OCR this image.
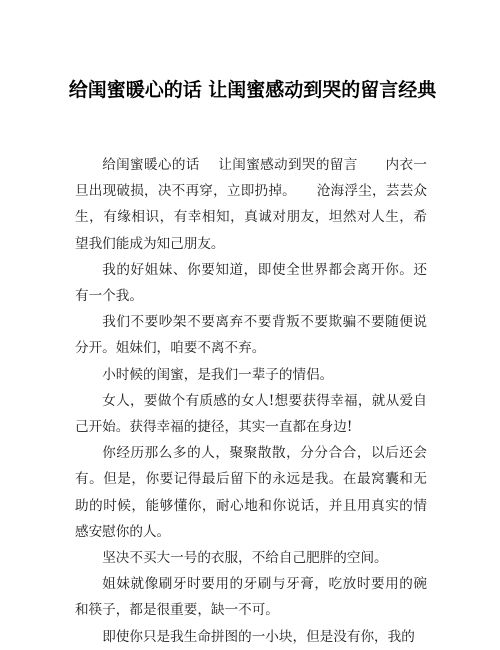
给闺蜜暖心的话 让闺蜜感动到哭的留言经典

给闺蜜暖心的话　 让闺蜜感动到哭的留言　　内衣一旦出现破损，决不再穿，立即扔掉。　　沧海浮尘，芸芸众生，有缘相识，有幸相知，真诚对朋友，坦然对人生，希望我们能成为知己朋友。

我的好姐妹、你要知道，即使全世界都会离开你。还有一个我。

我们不要吵架不要离弃不要背叛不要欺骗不要随便说分开。姐妹们，咱要不离不弃。

小时候的闺蜜，是我们一辈子的情侣。

女人，要做个有质感的女人!想要获得幸福，就从爱自己开始。获得幸福的捷径，其实一直都在身边!

你经历那么多的人，聚聚散散，分分合合，以后还会有。但是，你要记得最后留下的永远是我。在最窝囊和无助的时候，能够懂你，耐心地和你说话，并且用真实的情感安慰你的人。

坚决不买大一号的衣服，不给自己肥胖的空间。

姐妹就像刷牙时要用的牙刷与牙膏，吃放时要用的碗和筷子，都是很重要，缺一不可。

即使你只是我生命拼图的一小块，但是没有你，我的
